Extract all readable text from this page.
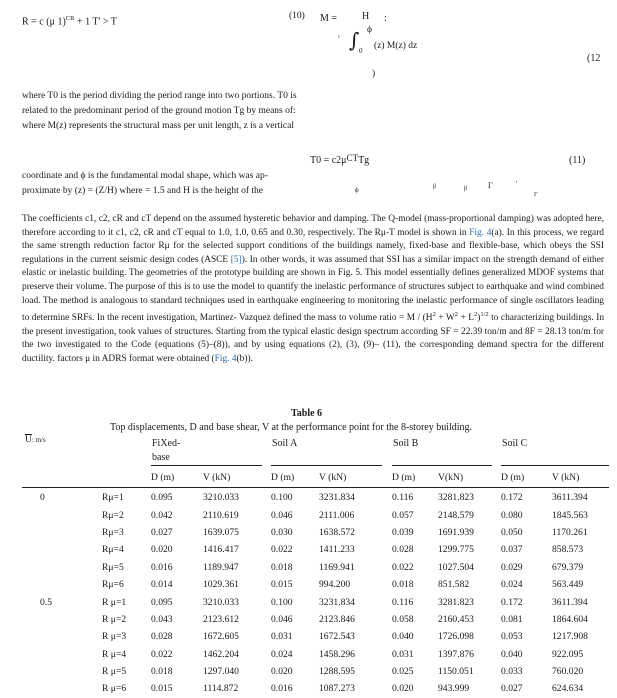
R = c (μ 1)$^{CR}$ + 1 T' > T
(10) M = H :
ϕ
' ∫ 0 (z) M(z) dz
(12
)
where T0 is the period dividing the period range into two portions. T0 is
related to the predominant period of the ground motion Tg by means of:
where M(z) represents the structural mass per unit length, z is a vertical
T0 = c2μCTTg	(11)
coordinate and ϕ is the fundamental modal shape, which was ap-
proximate by (z) = (Z/H) where = 1.5 and H is the height of the	ϕ	β	β	Γ	'
Γ
The coefficients c1, c2, cR and cT depend on the assumed hysteretic behavior and damping. The Q-model (mass-proportional damping) was adopted here, therefore according to it c1, c2, cR and cT equal to 1.0, 1.0, 0.65 and 0.30, respectively. The Rμ-T model is shown in Fig. 4(a). In this process, we regard the same strength reduction factor Rμ for the selected support conditions of the buildings namely, fixed-base and flexible-base, which obeys the SSI regulations in the current seismic design codes (ASCE [5]). In other words, it was assumed that SSI has a similar impact on the strength demand of either elastic or inelastic building. The geometries of the prototype building are shown in Fig. 5. This model essentially defines generalized MDOF systems that preserve their volume. The purpose of this is to use the model to quantify the inelastic performance of structures subject to earthquake and wind combined load. The method is analogous to standard techniques used in earthquake engineering to monitoring the inelastic performance of single oscillators leading to determine SRFs. In the recent investigation, Martinez- Vazquez defined the mass to volume ratio = $M / (H^2 + W^2 + L^2)^{1/2}$ to characterizing buildings. In the present investigation, took values of structures. Starting from the typical elastic design spectrum according SF = 22.39 ton/m and 8F = 28.13 ton/m for the two investigated to the Code (equations (5)–(8)), and by using equations (2), (3), (9)– (11), the corresponding demand spectra for the different ductility. factors μ in ADRS format were obtained (Fig. 4(b)).
Table 6
Top displacements, D and base shear, V at the performance point for the 8-storey building.
$\overline{U}$: m/s	FiXed-
base
Soil A	Soil B	Soil C
D (m)	V (kN)	D (m)	V (kN)	D (m)	V(kN)	D (m)	V (kN)
0	Rμ=1	0.095	3210.033	0.100	3231.834	0.116	3281.823	0.172	3611.394
	Rμ=2	0.042	2110.619	0.046	2111.006	0.057	2148.579	0.080	1845.563
	Rμ=3	0.027	1639.075	0.030	1638.572	0.039	1691.939	0.050	1170.261
	Rμ=4	0.020	1416.417	0.022	1411.233	0.028	1299.775	0.037	858.573
	Rμ=5	0.016	1189.947	0.018	1169.941	0.022	1027.504	0.029	679.379
	Rμ=6	0.014	1029.361	0.015	994.200	0.018	851.582	0.024	563.449
0.5	R μ=1	0.095	3210.033	0.100	3231.834	0.116	3281.823	0.172	3611.394
	R μ=2	0.043	2123.612	0.046	2123.846	0.058	2160.453	0.081	1864.604
	R μ=3	0.028	1672.605	0.031	1672.543	0.040	1726.098	0.053	1217.908
	R μ=4	0.022	1462.204	0.024	1458.296	0.031	1397.876	0.040	922.095
	R μ=5	0.018	1297.040	0.020	1288.595	0.025	1150.051	0.033	760.020
	R μ=6	0.015	1114.872	0.016	1087.273	0.020	943.999	0.027	624.634
